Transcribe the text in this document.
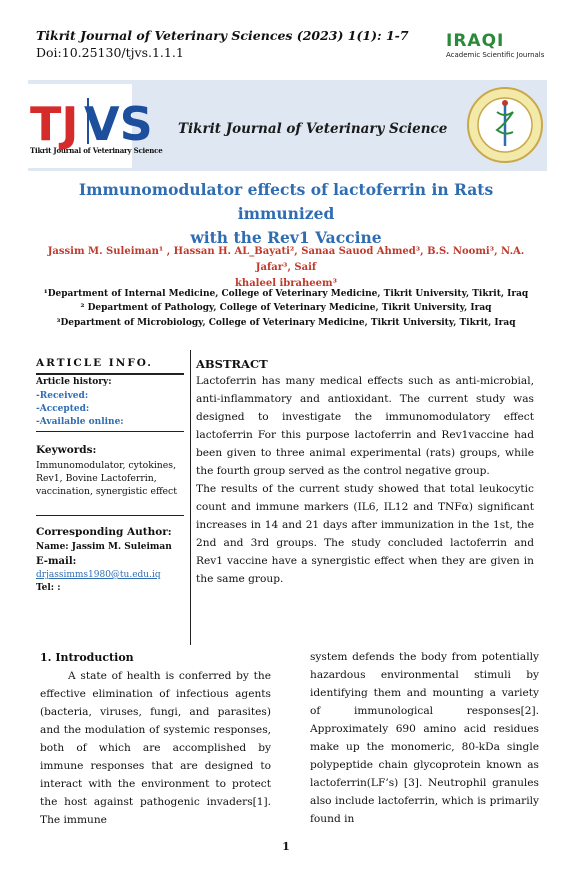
Tikrit Journal of Veterinary Sciences (2023) 1(1): 1-7
Doi:10.25130/tjvs.1.1.1
IRAQI
Academic Scientific Journals
TJ VS
Tikrit Journal of Veterinary Science
Tikrit Journal of Veterinary Science
Immunomodulator effects of lactoferrin in Rats immunized
with the Rev1 Vaccine
Jassim M. Suleiman¹ , Hassan H. AL_Bayati², Sanaa Sauod Ahmed³, B.S. Noomi³, N.A. Jafar³, Saif
khaleel ibraheem³
¹Department of Internal Medicine, College of Veterinary Medicine, Tikrit University, Tikrit, Iraq
² Department of Pathology, College of Veterinary Medicine, Tikrit University, Iraq
³Department of Microbiology, College of Veterinary Medicine, Tikrit University, Tikrit, Iraq
ARTICLE INFO.
Article history:
-Received:
-Accepted:
-Available online:
Keywords:
Immunomodulator, cytokines,
Rev1, Bovine Lactoferrin,
vaccination, synergistic effect
Corresponding Author:
Name: Jassim M. Suleiman
E-mail:
drjassimms1980@tu.edu.iq
Tel: :
ABSTRACT

Lactoferrin has many medical effects such as anti-microbial, anti-inflammatory and antioxidant. The current study was designed to investigate the immunomodulatory effect lactoferrin For this purpose lactoferrin and Rev1vaccine had been given to three animal experimental (rats) groups, while the fourth group served as the control negative group.

The results of the current study showed that total leukocytic count and immune markers (IL6, IL12 and TNFα) significant increases in 14 and 21 days after immunization in the 1st, the 2nd and 3rd groups. The study concluded lactoferrin and Rev1 vaccine have a synergistic effect when they are given in the same group.

1. Introduction

A state of health is conferred by the effective elimination of infectious agents (bacteria, viruses, fungi, and parasites) and the modulation of systemic responses, both of which are accomplished by immune responses that are designed to interact with the environment to protect the host against pathogenic invaders[1]. The immune

system defends the body from potentially hazardous environmental stimuli by identifying them and mounting a variety of immunological responses[2]. Approximately 690 amino acid residues make up the monomeric, 80-kDa single polypeptide chain glycoprotein known as lactoferrin(LF’s) [3]. Neutrophil granules also include lactoferrin, which is primarily found in

1
